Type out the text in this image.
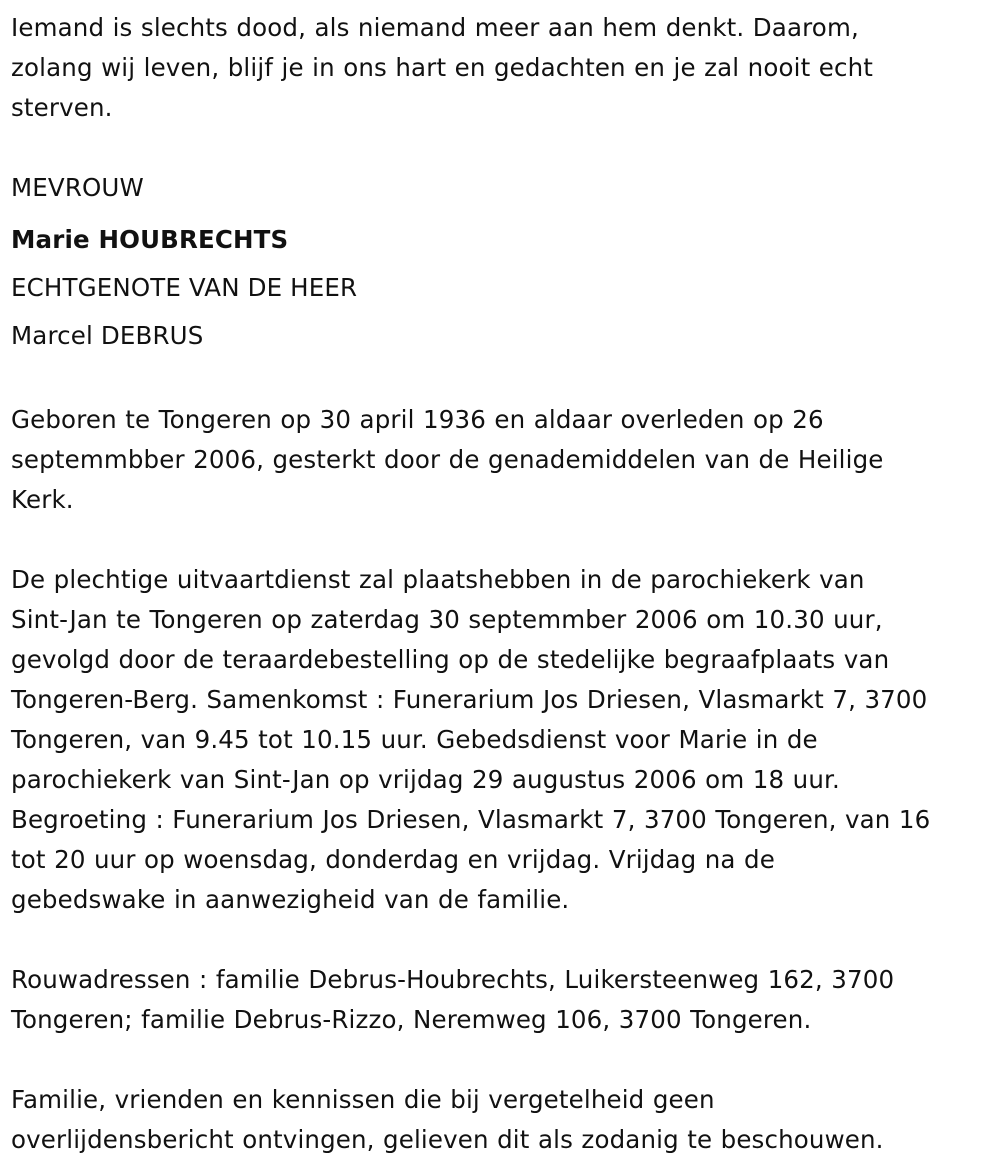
Iemand is slechts dood, als niemand meer aan hem denkt. Daarom,
zolang wij leven, blijf je in ons hart en gedachten en je zal nooit echt
sterven.

MEVROUW
Marie HOUBRECHTS
ECHTGENOTE VAN DE HEER
Marcel DEBRUS

Geboren te Tongeren op 30 april 1936 en aldaar overleden op 26
septemmbber 2006, gesterkt door de genademiddelen van de Heilige
Kerk.

De plechtige uitvaartdienst zal plaatshebben in de parochiekerk van
Sint-Jan te Tongeren op zaterdag 30 septemmber 2006 om 10.30 uur,
gevolgd door de teraardebestelling op de stedelijke begraafplaats van
Tongeren-Berg. Samenkomst : Funerarium Jos Driesen, Vlasmarkt 7, 3700
Tongeren, van 9.45 tot 10.15 uur. Gebedsdienst voor Marie in de
parochiekerk van Sint-Jan op vrijdag 29 augustus 2006 om 18 uur.
Begroeting : Funerarium Jos Driesen, Vlasmarkt 7, 3700 Tongeren, van 16
tot 20 uur op woensdag, donderdag en vrijdag. Vrijdag na de
gebedswake in aanwezigheid van de familie.

Rouwadressen : familie Debrus-Houbrechts, Luikersteenweg 162, 3700
Tongeren; familie Debrus-Rizzo, Neremweg 106, 3700 Tongeren.

Familie, vrienden en kennissen die bij vergetelheid geen
overlijdensbericht ontvingen, gelieven dit als zodanig te beschouwen.
